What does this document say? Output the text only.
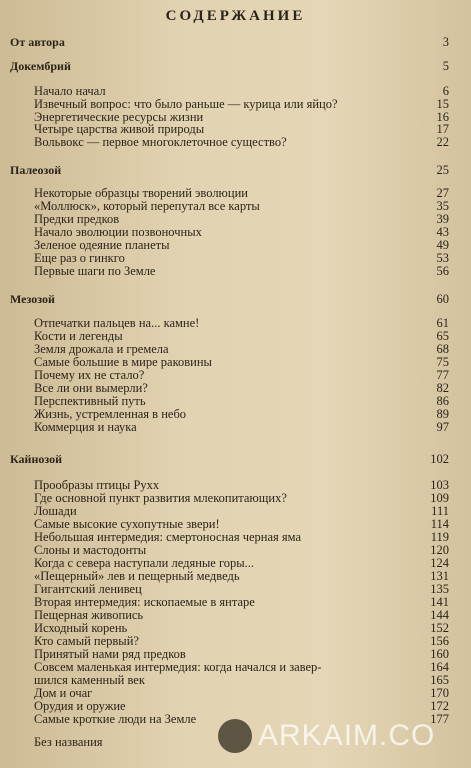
СОДЕРЖАНИЕ
От автора	3
Докембрий	5
Начало начал	6
Извечный вопрос: что было раньше — курица или яйцо?	15
Энергетические ресурсы жизни	16
Четыре царства живой природы	17
Вольвокс — первое многоклеточное существо?	22
Палеозой	25
Некоторые образцы творений эволюции	27
«Моллюск», который перепутал все карты	35
Предки предков	39
Начало эволюции позвоночных	43
Зеленое одеяние планеты	49
Еще раз о гинкго	53
Первые шаги по Земле	56
Мезозой	60
Отпечатки пальцев на... камне!	61
Кости и легенды	65
Земля дрожала и гремела	68
Самые большие в мире раковины	75
Почему их не стало?	77
Все ли они вымерли?	82
Перспективный путь	86
Жизнь, устремленная в небо	89
Коммерция и наука	97
Кайнозой	102
Прообразы птицы Рухх	103
Где основной пункт развития млекопитающих?	109
Лошади	111
Самые высокие сухопутные звери!	114
Небольшая интермедия: смертоносная черная яма	119
Слоны и мастодонты	120
Когда с севера наступали ледяные горы...	124
«Пещерный» лев и пещерный медведь	131
Гигантский ленивец	135
Вторая интермедия: ископаемые в янтаре	141
Пещерная живопись	144
Исходный корень	152
Кто самый первый?	156
Принятый нами ряд предков	160
Совсем маленькая интермедия: когда начался и завер-	164
шился каменный век	165
Дом и очаг	170
Орудия и оружие	172
Самые кроткие люди на Земле	177
Без названия	ARKAIM.CO
